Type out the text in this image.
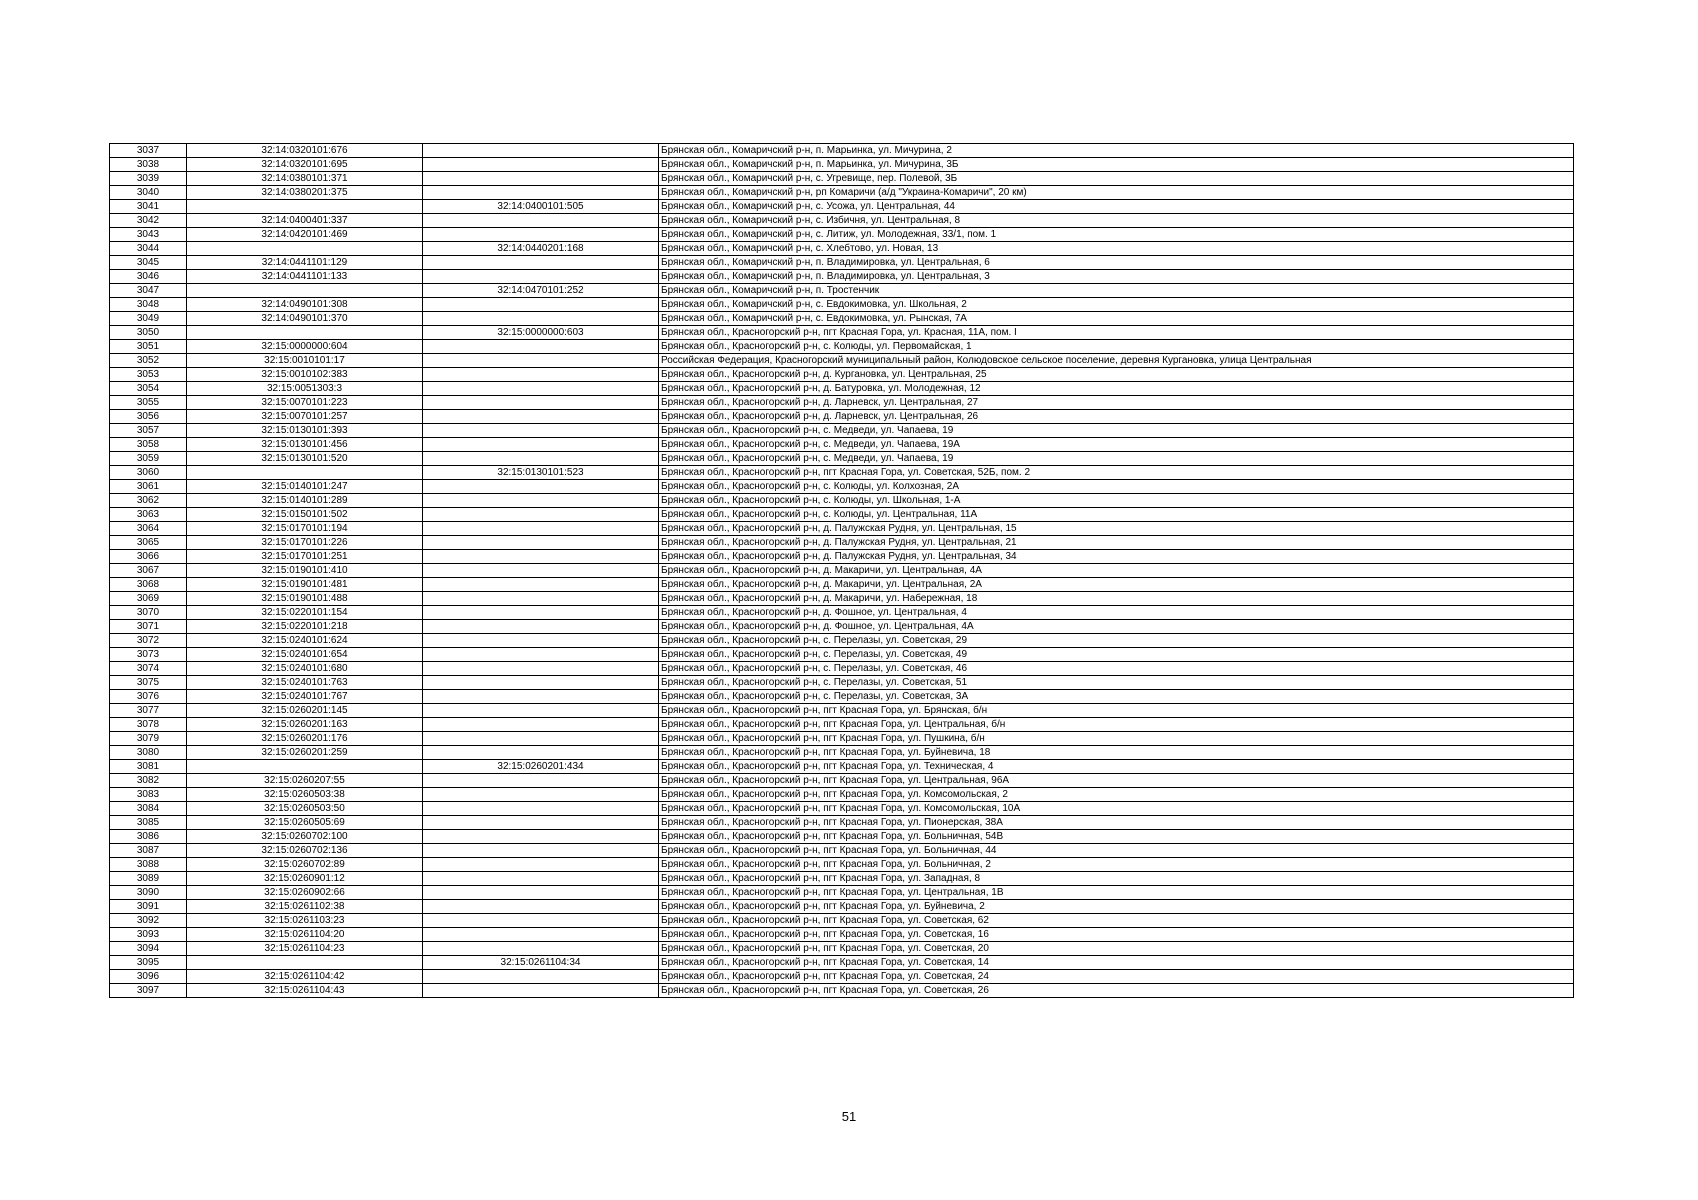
3037	32:14:0320101:676		Брянская обл., Комаричский р-н, п. Марьинка, ул. Мичурина, 2
3038	32:14:0320101:695		Брянская обл., Комаричский р-н, п. Марьинка, ул. Мичурина, 3Б
3039	32:14:0380101:371		Брянская обл., Комаричский р-н, с. Угревище, пер. Полевой, 3Б
3040	32:14:0380201:375		Брянская обл., Комаричский р-н, рп Комаричи (а/д "Украина-Комаричи", 20 км)
3041		32:14:0400101:505	Брянская обл., Комаричский р-н, с. Усожа, ул. Центральная, 44
3042	32:14:0400401:337		Брянская обл., Комаричский р-н, с. Избичня, ул. Центральная, 8
3043	32:14:0420101:469		Брянская обл., Комаричский р-н, с. Литиж, ул. Молодежная, 33/1, пом. 1
3044		32:14:0440201:168	Брянская обл., Комаричский р-н, с. Хлебтово, ул. Новая, 13
3045	32:14:0441101:129		Брянская обл., Комаричский р-н, п. Владимировка, ул. Центральная, 6
3046	32:14:0441101:133		Брянская обл., Комаричский р-н, п. Владимировка, ул. Центральная, 3
3047		32:14:0470101:252	Брянская обл., Комаричский р-н, п. Тростенчик
3048	32:14:0490101:308		Брянская обл., Комаричский р-н, с. Евдокимовка, ул. Школьная, 2
3049	32:14:0490101:370		Брянская обл., Комаричский р-н, с. Евдокимовка, ул. Рынская, 7А
3050		32:15:0000000:603	Брянская обл., Красногорский р-н, пгт Красная Гора, ул. Красная, 11А, пом. I
3051	32:15:0000000:604		Брянская обл., Красногорский р-н, с. Колюды, ул. Первомайская, 1
3052	32:15:0010101:17		Российская Федерация, Красногорский муниципальный район, Колюдовское сельское поселение, деревня Кургановка, улица Центральная
3053	32:15:0010102:383		Брянская обл., Красногорский р-н, д. Кургановка, ул. Центральная, 25
3054	32:15:0051303:3		Брянская обл., Красногорский р-н, д. Батуровка, ул. Молодежная, 12
3055	32:15:0070101:223		Брянская обл., Красногорский р-н, д. Ларневск, ул. Центральная, 27
3056	32:15:0070101:257		Брянская обл., Красногорский р-н, д. Ларневск, ул. Центральная, 26
3057	32:15:0130101:393		Брянская обл., Красногорский р-н, с. Медведи, ул. Чапаева, 19
3058	32:15:0130101:456		Брянская обл., Красногорский р-н, с. Медведи, ул. Чапаева, 19А
3059	32:15:0130101:520		Брянская обл., Красногорский р-н, с. Медведи, ул. Чапаева, 19
3060		32:15:0130101:523	Брянская обл., Красногорский р-н, пгт Красная Гора, ул. Советская, 52Б, пом. 2
3061	32:15:0140101:247		Брянская обл., Красногорский р-н, с. Колюды, ул. Колхозная, 2А
3062	32:15:0140101:289		Брянская обл., Красногорский р-н, с. Колюды, ул. Школьная, 1-А
3063	32:15:0150101:502		Брянская обл., Красногорский р-н, с. Колюды, ул. Центральная, 11А
3064	32:15:0170101:194		Брянская обл., Красногорский р-н, д. Палужская Рудня, ул. Центральная, 15
3065	32:15:0170101:226		Брянская обл., Красногорский р-н, д. Палужская Рудня, ул. Центральная, 21
3066	32:15:0170101:251		Брянская обл., Красногорский р-н, д. Палужская Рудня, ул. Центральная, 34
3067	32:15:0190101:410		Брянская обл., Красногорский р-н, д. Макаричи, ул. Центральная, 4А
3068	32:15:0190101:481		Брянская обл., Красногорский р-н, д. Макаричи, ул. Центральная, 2А
3069	32:15:0190101:488		Брянская обл., Красногорский р-н, д. Макаричи, ул. Набережная, 18
3070	32:15:0220101:154		Брянская обл., Красногорский р-н, д. Фошное, ул. Центральная, 4
3071	32:15:0220101:218		Брянская обл., Красногорский р-н, д. Фошное, ул. Центральная, 4А
3072	32:15:0240101:624		Брянская обл., Красногорский р-н, с. Перелазы, ул. Советская, 29
3073	32:15:0240101:654		Брянская обл., Красногорский р-н, с. Перелазы, ул. Советская, 49
3074	32:15:0240101:680		Брянская обл., Красногорский р-н, с. Перелазы, ул. Советская, 46
3075	32:15:0240101:763		Брянская обл., Красногорский р-н, с. Перелазы, ул. Советская, 51
3076	32:15:0240101:767		Брянская обл., Красногорский р-н, с. Перелазы, ул. Советская, 3А
3077	32:15:0260201:145		Брянская обл., Красногорский р-н, пгт Красная Гора, ул. Брянская, б/н
3078	32:15:0260201:163		Брянская обл., Красногорский р-н, пгт Красная Гора, ул. Центральная, б/н
3079	32:15:0260201:176		Брянская обл., Красногорский р-н, пгт Красная Гора, ул. Пушкина, б/н
3080	32:15:0260201:259		Брянская обл., Красногорский р-н, пгт Красная Гора, ул. Буйневича, 18
3081		32:15:0260201:434	Брянская обл., Красногорский р-н, пгт Красная Гора, ул. Техническая, 4
3082	32:15:0260207:55		Брянская обл., Красногорский р-н, пгт Красная Гора, ул. Центральная, 96А
3083	32:15:0260503:38		Брянская обл., Красногорский р-н, пгт Красная Гора, ул. Комсомольская, 2
3084	32:15:0260503:50		Брянская обл., Красногорский р-н, пгт Красная Гора, ул. Комсомольская, 10А
3085	32:15:0260505:69		Брянская обл., Красногорский р-н, пгт Красная Гора, ул. Пионерская, 38А
3086	32:15:0260702:100		Брянская обл., Красногорский р-н, пгт Красная Гора, ул. Больничная, 54В
3087	32:15:0260702:136		Брянская обл., Красногорский р-н, пгт Красная Гора, ул. Больничная, 44
3088	32:15:0260702:89		Брянская обл., Красногорский р-н, пгт Красная Гора, ул. Больничная, 2
3089	32:15:0260901:12		Брянская обл., Красногорский р-н, пгт Красная Гора, ул. Западная, 8
3090	32:15:0260902:66		Брянская обл., Красногорский р-н, пгт Красная Гора, ул. Центральная, 1В
3091	32:15:0261102:38		Брянская обл., Красногорский р-н, пгт Красная Гора, ул. Буйневича, 2
3092	32:15:0261103:23		Брянская обл., Красногорский р-н, пгт Красная Гора, ул. Советская, 62
3093	32:15:0261104:20		Брянская обл., Красногорский р-н, пгт Красная Гора, ул. Советская, 16
3094	32:15:0261104:23		Брянская обл., Красногорский р-н, пгт Красная Гора, ул. Советская, 20
3095		32:15:0261104:34	Брянская обл., Красногорский р-н, пгт Красная Гора, ул. Советская, 14
3096	32:15:0261104:42		Брянская обл., Красногорский р-н, пгт Красная Гора, ул. Советская, 24
3097	32:15:0261104:43		Брянская обл., Красногорский р-н, пгт Красная Гора, ул. Советская, 26
51
